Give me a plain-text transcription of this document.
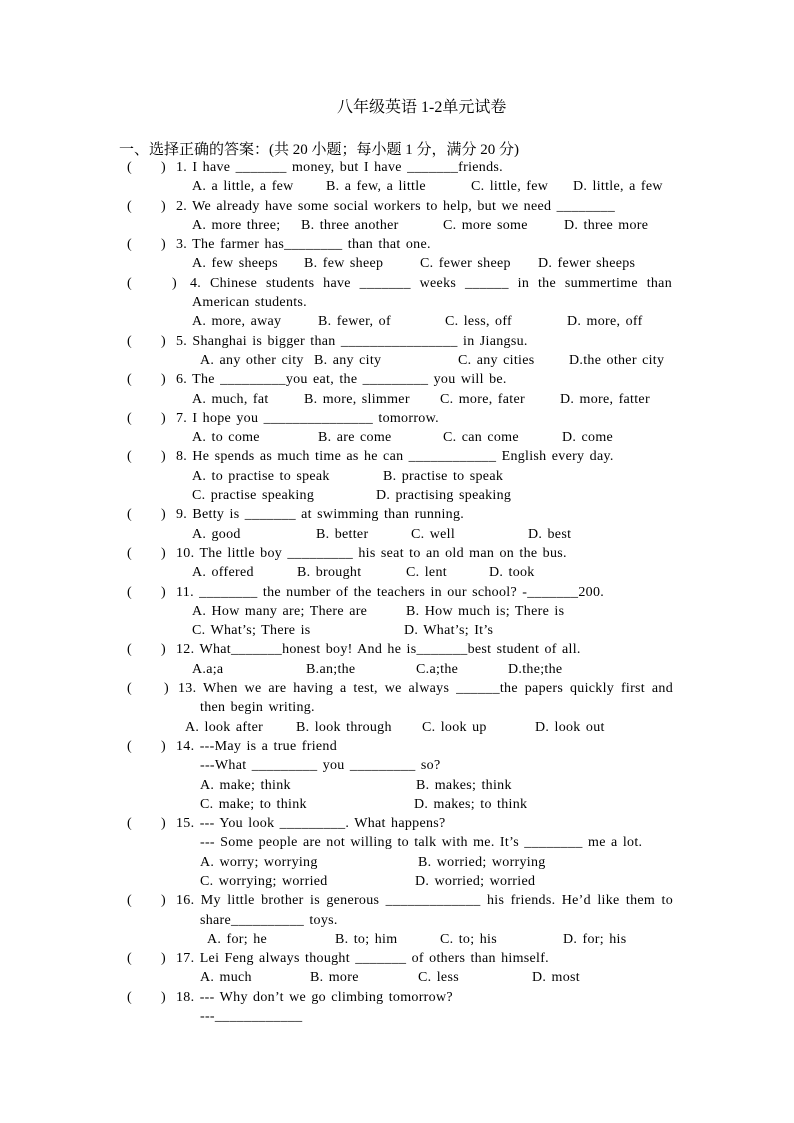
八年级英语 1-2单元试卷
一、选择正确的答案：(共 20 小题；每小题 1 分，满分 20 分)

(

)

1. I have _______ money, but I have _______friends.

A. a little, a few

B. a few, a little

	C. little, few

D. little, a few

(

)

2. We already have some social workers to help, but we need ________

A. more three;

B. three another

	C. more some

	D. three more

(

)

3. The farmer has________ than that one.

A. few sheeps

B. few sheep

	C. fewer sheep

D. fewer sheeps

(

	)

4. Chinese students have _______ weeks ______ in the summertime than

American students.

A. more, away

	B. fewer, of

	C. less, off

	D. more, off

(

)

5. Shanghai is bigger than ________________ in Jiangsu.

A. any other city

B. any city

	C. any cities

D.the other city

(

)

6. The _________you eat, the _________ you will be.

A. much, fat

	B. more, slimmer

C. more, fater

	D. more, fatter

(

)

7. I hope you _______________ tomorrow.

A. to come

	B. are come

	C. can come

	D. come

(

)

8. He spends as much time as he can ____________ English every day.

A. to practise to speak

	B. practise to speak

C. practise speaking

	D. practising speaking

(

)

9. Betty is _______ at swimming than running.

A. good

	B. better

	C. well

	D. best

(

)

10. The little boy _________ his seat to an old man on the bus.

A. offered

	B. brought

	C. lent

	D. took

(

)

11. ________ the number of the teachers in our school? -_______200.

A. How many are; There are

	B. How much is; There is

C. What’s; There is

	D. What’s; It’s

(

)

12. What_______honest boy! And he is_______best student of all.

A.a;a

	B.an;the

	C.a;the

	D.the;the

(

)

13. When we are having a test, we always ______the papers quickly first and

then begin writing.

A. look after

B. look through

C. look up

	D. look out

(

)

14. ---May is a true friend

---What _________ you _________ so?

A. make; think

	B. makes; think

C. make; to think

	D. makes; to think

(

)

15. --- You look _________. What happens?

--- Some people are not willing to talk with me. It’s ________ me a lot.

A. worry; worrying

	B. worried; worrying

C. worrying; worried

	D. worried; worried

(

)

16. My little brother is generous _____________ his friends. He’d like them to

share__________ toys.

A. for; he

	B. to; him

	C. to; his

	D. for; his

(

)

17. Lei Feng always thought _______ of others than himself.

A. much

	B. more

	C. less

	D. most

(

)

18. --- Why don’t we go climbing tomorrow?

---____________
